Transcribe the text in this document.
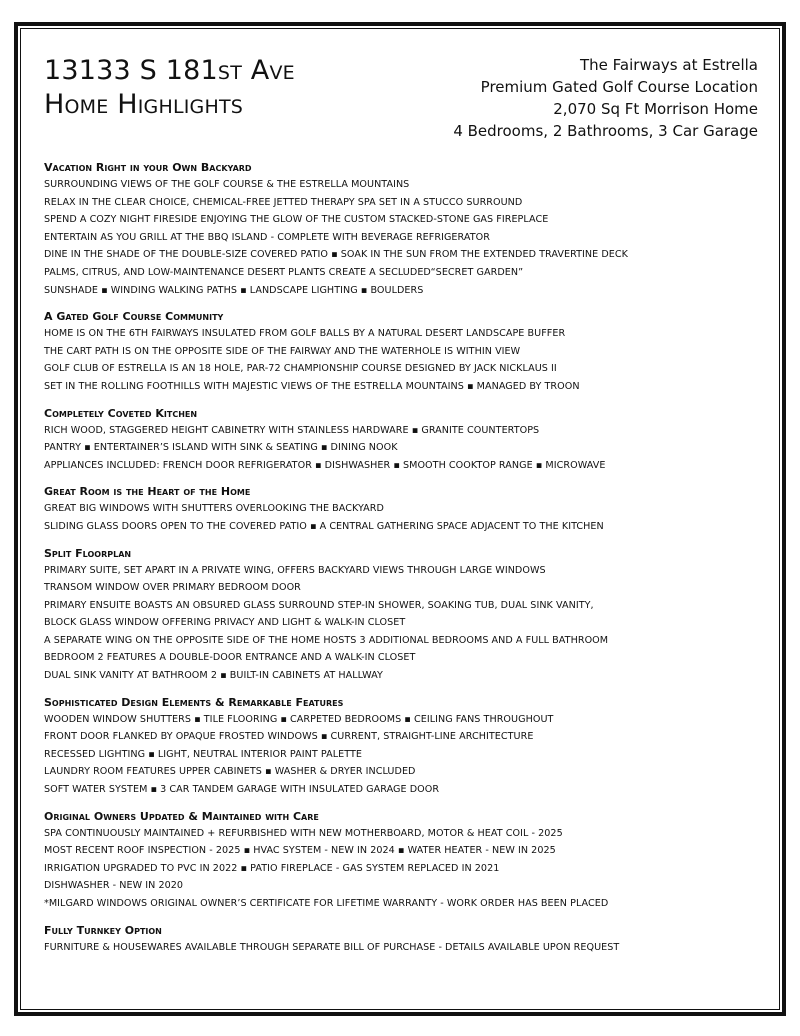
13133 S 181st Ave
Home Highlights
The Fairways at Estrella
Premium Gated Golf Course Location
2,070 Sq Ft Morrison Home
4 Bedrooms, 2 Bathrooms, 3 Car Garage
Vacation Right in your Own Backyard
SURROUNDING VIEWS OF THE GOLF COURSE & THE ESTRELLA MOUNTAINS
RELAX IN THE CLEAR CHOICE, CHEMICAL-FREE JETTED THERAPY SPA SET IN A STUCCO SURROUND
SPEND A COZY NIGHT FIRESIDE ENJOYING THE GLOW OF THE CUSTOM STACKED-STONE GAS FIREPLACE
ENTERTAIN AS YOU GRILL AT THE BBQ ISLAND - COMPLETE WITH BEVERAGE REFRIGERATOR
DINE IN THE SHADE OF THE DOUBLE-SIZE COVERED PATIO ▪ SOAK IN THE SUN FROM THE EXTENDED TRAVERTINE DECK
PALMS, CITRUS, AND LOW-MAINTENANCE DESERT PLANTS CREATE A SECLUDED“SECRET GARDEN”
SUNSHADE ▪ WINDING WALKING PATHS ▪ LANDSCAPE LIGHTING ▪ BOULDERS
A Gated Golf Course Community
HOME IS ON THE 6TH FAIRWAYS INSULATED FROM GOLF BALLS BY A NATURAL DESERT LANDSCAPE BUFFER
THE CART PATH IS ON THE OPPOSITE SIDE OF THE FAIRWAY AND THE WATERHOLE IS WITHIN VIEW
GOLF CLUB OF ESTRELLA IS AN 18 HOLE, PAR-72 CHAMPIONSHIP COURSE DESIGNED BY JACK NICKLAUS II
SET IN THE ROLLING FOOTHILLS WITH MAJESTIC VIEWS OF THE ESTRELLA MOUNTAINS ▪ MANAGED BY TROON
Completely Coveted Kitchen
RICH WOOD, STAGGERED HEIGHT CABINETRY WITH STAINLESS HARDWARE ▪ GRANITE COUNTERTOPS
PANTRY ▪ ENTERTAINER’S ISLAND WITH SINK & SEATING ▪ DINING NOOK
APPLIANCES INCLUDED: FRENCH DOOR REFRIGERATOR ▪ DISHWASHER ▪ SMOOTH COOKTOP RANGE ▪ MICROWAVE
Great Room is the Heart of the Home
GREAT BIG WINDOWS WITH SHUTTERS OVERLOOKING THE BACKYARD
SLIDING GLASS DOORS OPEN TO THE COVERED PATIO ▪ A CENTRAL GATHERING SPACE ADJACENT TO THE KITCHEN
Split Floorplan
PRIMARY SUITE, SET APART IN A PRIVATE WING, OFFERS BACKYARD VIEWS THROUGH LARGE WINDOWS
TRANSOM WINDOW OVER PRIMARY BEDROOM DOOR
PRIMARY ENSUITE BOASTS AN OBSURED GLASS SURROUND STEP-IN SHOWER, SOAKING TUB, DUAL SINK VANITY,
BLOCK GLASS WINDOW OFFERING PRIVACY AND LIGHT & WALK-IN CLOSET
A SEPARATE WING ON THE OPPOSITE SIDE OF THE HOME HOSTS 3 ADDITIONAL BEDROOMS AND A FULL BATHROOM
BEDROOM 2 FEATURES A DOUBLE-DOOR ENTRANCE AND A WALK-IN CLOSET
DUAL SINK VANITY AT BATHROOM 2 ▪ BUILT-IN CABINETS AT HALLWAY
Sophisticated Design Elements & Remarkable Features
WOODEN WINDOW SHUTTERS ▪ TILE FLOORING ▪ CARPETED BEDROOMS ▪ CEILING FANS THROUGHOUT
FRONT DOOR FLANKED BY OPAQUE FROSTED WINDOWS ▪ CURRENT, STRAIGHT-LINE ARCHITECTURE
RECESSED LIGHTING ▪ LIGHT, NEUTRAL INTERIOR PAINT PALETTE
LAUNDRY ROOM FEATURES UPPER CABINETS ▪ WASHER & DRYER INCLUDED
SOFT WATER SYSTEM ▪ 3 CAR TANDEM GARAGE WITH INSULATED GARAGE DOOR
Original Owners Updated & Maintained with Care
SPA CONTINUOUSLY MAINTAINED + REFURBISHED WITH NEW MOTHERBOARD, MOTOR & HEAT COIL - 2025
MOST RECENT ROOF INSPECTION - 2025 ▪ HVAC SYSTEM - NEW IN 2024 ▪ WATER HEATER - NEW IN 2025
IRRIGATION UPGRADED TO PVC IN 2022 ▪ PATIO FIREPLACE - GAS SYSTEM REPLACED IN 2021
DISHWASHER - NEW IN 2020
*MILGARD WINDOWS ORIGINAL OWNER’S CERTIFICATE FOR LIFETIME WARRANTY - WORK ORDER HAS BEEN PLACED
Fully Turnkey Option
FURNITURE & HOUSEWARES AVAILABLE THROUGH SEPARATE BILL OF PURCHASE - DETAILS AVAILABLE UPON REQUEST
